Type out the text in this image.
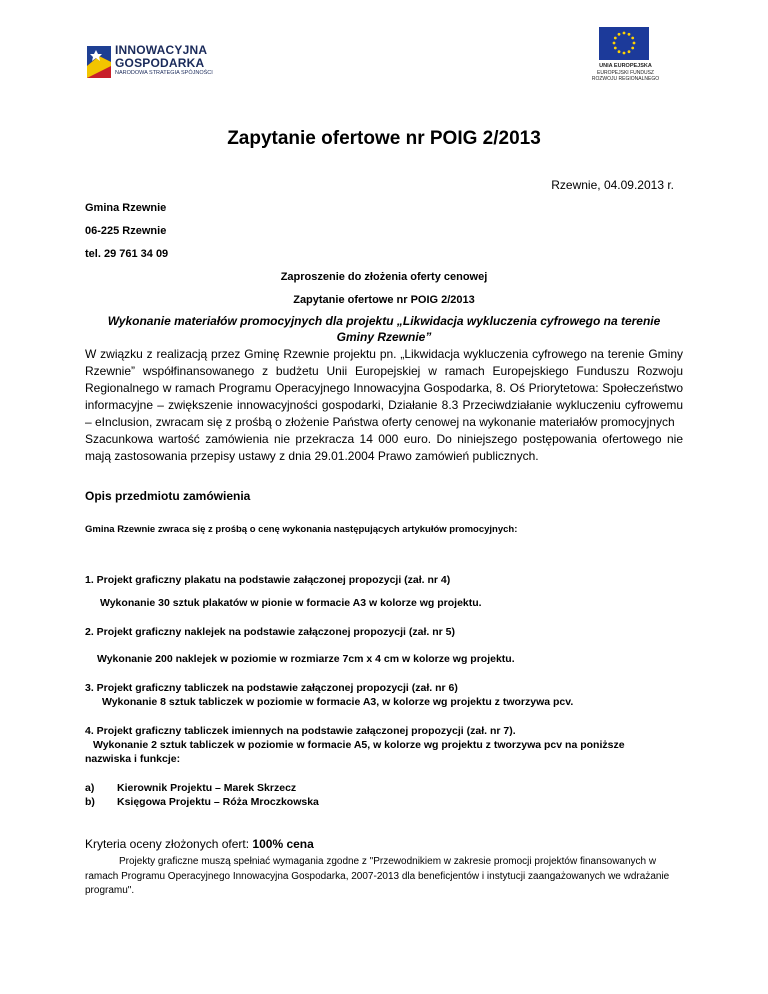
INNOWACYJNA
GOSPODARKA
NARODOWA STRATEGIA SPÓJNOŚCI
UNIA EUROPEJSKA
EUROPEJSKI FUNDUSZ
ROZWOJU REGIONALNEGO
Zapytanie ofertowe nr POIG 2/2013
Rzewnie, 04.09.2013 r.
Gmina Rzewnie
06-225 Rzewnie
tel. 29 761 34 09
Zaproszenie do złożenia oferty cenowej
Zapytanie ofertowe nr POIG 2/2013
Wykonanie materiałów promocyjnych dla projektu „Likwidacja wykluczenia cyfrowego na terenie
Gminy Rzewnie”

W związku z realizacją przez Gminę Rzewnie projektu pn. „Likwidacja wykluczenia cyfrowego na terenie Gminy Rzewnie” współfinansowanego z budżetu Unii Europejskiej w ramach Europejskiego Funduszu Rozwoju Regionalnego w ramach Programu Operacyjnego Innowacyjna Gospodarka, 8. Oś Priorytetowa: Społeczeństwo informacyjne – zwiększenie innowacyjności gospodarki, Działanie 8.3 Przeciwdziałanie wykluczeniu cyfrowemu – eInclusion, zwracam się z prośbą o złożenie Państwa oferty cenowej na wykonanie materiałów promocyjnych

Szacunkowa wartość zamówienia nie przekracza 14 000 euro. Do niniejszego postępowania ofertowego nie mają zastosowania przepisy ustawy z dnia 29.01.2004 Prawo zamówień publicznych.

Opis przedmiotu zamówienia
Gmina Rzewnie zwraca się z prośbą o cenę wykonania następujących artykułów promocyjnych:
1. Projekt graficzny plakatu na podstawie załączonej propozycji (zał. nr 4)
Wykonanie 30 sztuk plakatów w pionie w formacie A3 w kolorze wg projektu.
2. Projekt graficzny naklejek na podstawie załączonej propozycji (zał. nr 5)
Wykonanie 200 naklejek w poziomie w rozmiarze 7cm x 4 cm w kolorze wg projektu.
3. Projekt graficzny tabliczek na podstawie załączonej propozycji (zał. nr 6)
Wykonanie 8 sztuk tabliczek w poziomie w formacie A3, w kolorze wg projektu z tworzywa pcv.
4. Projekt graficzny tabliczek imiennych na podstawie załączonej propozycji (zał. nr 7).
Wykonanie 2 sztuk tabliczek w poziomie w formacie A5, w kolorze wg projektu z tworzywa pcv na poniższe
nazwiska i funkcje:
a) Kierownik Projektu – Marek Skrzecz
b) Księgowa Projektu – Róża Mroczkowska
Kryteria oceny złożonych ofert: 100% cena
Projekty graficzne muszą spełniać wymagania zgodne z "Przewodnikiem w zakresie promocji projektów finansowanych w ramach Programu Operacyjnego Innowacyjna Gospodarka, 2007-2013 dla beneficjentów i instytucji zaangażowanych we wdrażanie programu".
